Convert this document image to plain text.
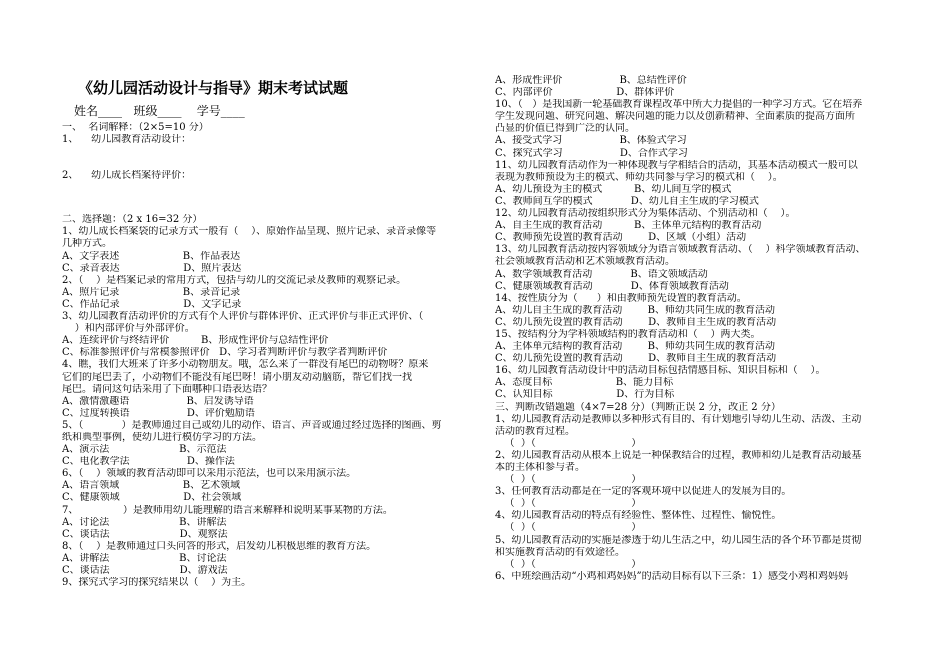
《幼儿园活动设计与指导》期末考试试题
姓名____   班级____    学号____
一、  名词解释：（2×5=10 分）
1、    幼儿园教育活动设计：
2、    幼儿成长档案待评价：
二、选择题：（2 x 16=32 分）
1、幼儿成长档案袋的记录方式一般有（    ）、原始作品呈现、照片记录、录音录像等
几种方式。
A、文字表述                    B、作品表达
C、录音表达                    D、照片表达
2、（    ）是档案记录的常用方式，包括与幼儿的交流记录及教师的观察记录。
A、照片记录                    B、录音记录
C、作品记录                    D、文字记录
3、幼儿园教育活动评价的方式有个人评价与群体评价、正式评价与非正式评价、（
）和内部评价与外部评价。
A、连续评价与终结评价          B、形成性评价与总结性评价
C、标准参照评价与常模参照评价   D、学习者判断评价与教学者判断评价
4、瞧，我们大班来了许多小动物朋友。哦，怎么来了一群没有尾巴的动物呀？原来
它们的尾巴丢了，小动物们不能没有尾巴呀！请小朋友动动脑筋，帮它们找一找
尾巴。请问这句话采用了下面哪种口语表达语？
A、激情激趣语                  B、启发诱导语
C、过度转换语                  D、评价勉励语
5、（            ）是教师通过自己或幼儿的动作、语言、声音或通过经过选择的图画、剪
纸和典型事例，使幼儿进行模仿学习的方法。
A、演示法                      B、示范法
C、电化教学法                  D、操作法
6、（    ）领域的教育活动即可以采用示范法，也可以采用演示法。
A、语言领域                    B、艺术领域
C、健康领域                    D、社会领域
7、              ）是教师用幼儿能理解的语言来解释和说明某事某物的方法。
A、讨论法                      B、讲解法
C、谈话法                      D、观察法
8、（    ）是教师通过口头问答的形式，启发幼儿积极思维的教育方法。
A、讲解法                      B、讨论法
C、谈话法                      D、游戏法
9、探究式学习的探究结果以（    ）为主。
A、形成性评价                  B、总结性评价
C、内部评价                    D、群体评价
10、（   ）是我国新一轮基础教育课程改革中所大力提倡的一种学习方式。它在培养
学生发现问题、研究问题、解决问题的能力以及创新精神、全面素质的提高方面所
凸显的价值已得到广泛的认同。
A、接受式学习                  B、体验式学习
C、探究式学习                  D、合作式学习
11、幼儿园教育活动作为一种体现教与学相结合的活动，其基本活动模式一般可以
表现为教师预设为主的模式、师幼共同参与学习的模式和（    ）。
A、幼儿预设为主的模式          B、幼儿间互学的模式
C、教师间互学的模式            D、幼儿自主生成的学习模式
12、幼儿园教育活动按组织形式分为集体活动、个别活动和（    ）。
A、自主生成的教育活动          B、主体单元结构的教育活动
C、教师预先设置的教育活动        D、区域（小组）活动
13、幼儿园教育活动按内容领域分为语言领域教育活动、（    ）科学领域教育活动、
社会领域教育活动和艺术领域教育活动。
A、数学领域教育活动            B、语文领域活动
C、健康领域教育活动            D、体育领域教育活动
14、按性质分为（      ）和由教师预先设置的教育活动。
A、幼儿自主生成的教育活动        B、师幼共同生成的教育活动
C、幼儿预先设置的教育活动        D、教师自主生成的教育活动
15、按结构分为学科领域结构的教育活动和（    ）两大类。
A、主体单元结构的教育活动        B、师幼共同生成的教育活动
C、幼儿预先设置的教育活动        D、教师自主生成的教育活动
16、幼儿园教育活动设计中的活动目标包括情感目标、知识目标和（    ）。
A、态度目标                    B、能力目标
C、认知目标                    D、行为目标
三、判断改错题题（4×7=28 分）（判断正误 2 分，改正 2 分）
1、幼儿园教育活动是教师以多种形式有目的、有计划地引导幼儿生动、活泼、主动
活动的教育过程。
（  ）（                              ）
2、幼儿园教育活动从根本上说是一种保教结合的过程，教师和幼儿是教育活动最基
本的主体和参与者。
（  ）（                              ）
3、任何教育活动都是在一定的客观环境中以促进人的发展为目的。
（  ）（                              ）
4、幼儿园教育活动的特点有经验性、整体性、过程性、愉悦性。
（  ）（                              ）
5、幼儿园教育活动的实施是渗透于幼儿生活之中，幼儿园生活的各个环节都是贯彻
和实施教育活动的有效途径。
（  ）（                              ）
6、中班绘画活动“小鸡和鸡妈妈”的活动目标有以下三条：1）感受小鸡和鸡妈妈
